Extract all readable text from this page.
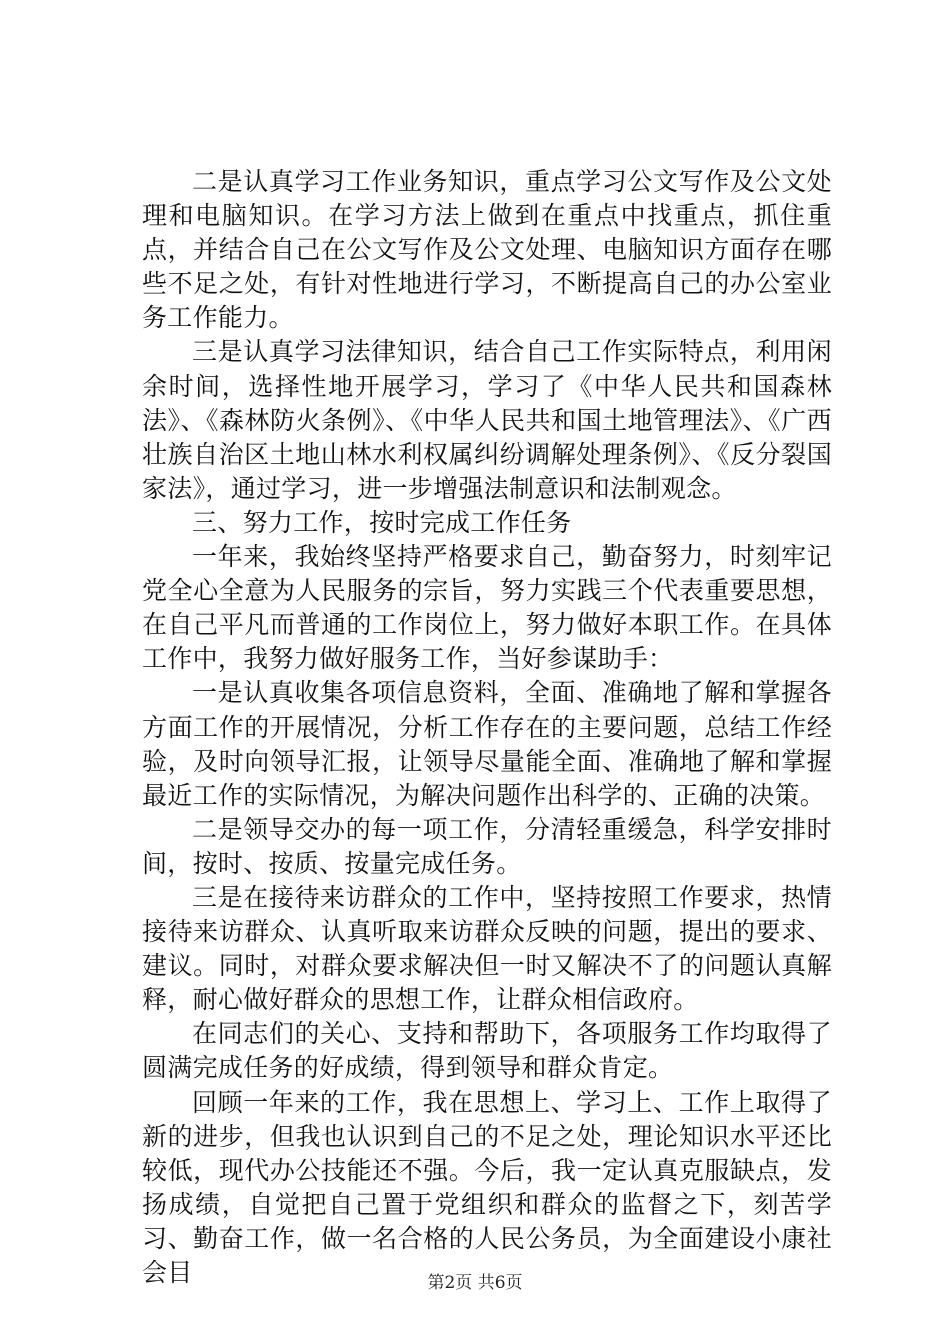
二是认真学习工作业务知识，重点学习公文写作及公文处理和电脑知识。在学习方法上做到在重点中找重点，抓住重点，并结合自己在公文写作及公文处理、电脑知识方面存在哪些不足之处，有针对性地进行学习，不断提高自己的办公室业务工作能力。

三是认真学习法律知识，结合自己工作实际特点，利用闲余时间，选择性地开展学习，学习了《中华人民共和国森林法》、《森林防火条例》、《中华人民共和国土地管理法》、《广西壮族自治区土地山林水利权属纠纷调解处理条例》、《反分裂国家法》，通过学习，进一步增强法制意识和法制观念。

三、努力工作，按时完成工作任务

一年来，我始终坚持严格要求自己，勤奋努力，时刻牢记党全心全意为人民服务的宗旨，努力实践三个代表重要思想，在自己平凡而普通的工作岗位上，努力做好本职工作。在具体工作中，我努力做好服务工作，当好参谋助手：

一是认真收集各项信息资料，全面、准确地了解和掌握各方面工作的开展情况，分析工作存在的主要问题，总结工作经验，及时向领导汇报，让领导尽量能全面、准确地了解和掌握最近工作的实际情况，为解决问题作出科学的、正确的决策。

二是领导交办的每一项工作，分清轻重缓急，科学安排时间，按时、按质、按量完成任务。

三是在接待来访群众的工作中，坚持按照工作要求，热情接待来访群众、认真听取来访群众反映的问题，提出的要求、建议。同时，对群众要求解决但一时又解决不了的问题认真解释，耐心做好群众的思想工作，让群众相信政府。

在同志们的关心、支持和帮助下，各项服务工作均取得了圆满完成任务的好成绩，得到领导和群众肯定。

回顾一年来的工作，我在思想上、学习上、工作上取得了新的进步，但我也认识到自己的不足之处，理论知识水平还比较低，现代办公技能还不强。今后，我一定认真克服缺点，发扬成绩，自觉把自己置于党组织和群众的监督之下，刻苦学习、勤奋工作，做一名合格的人民公务员，为全面建设小康社会目	第2页 共6页
